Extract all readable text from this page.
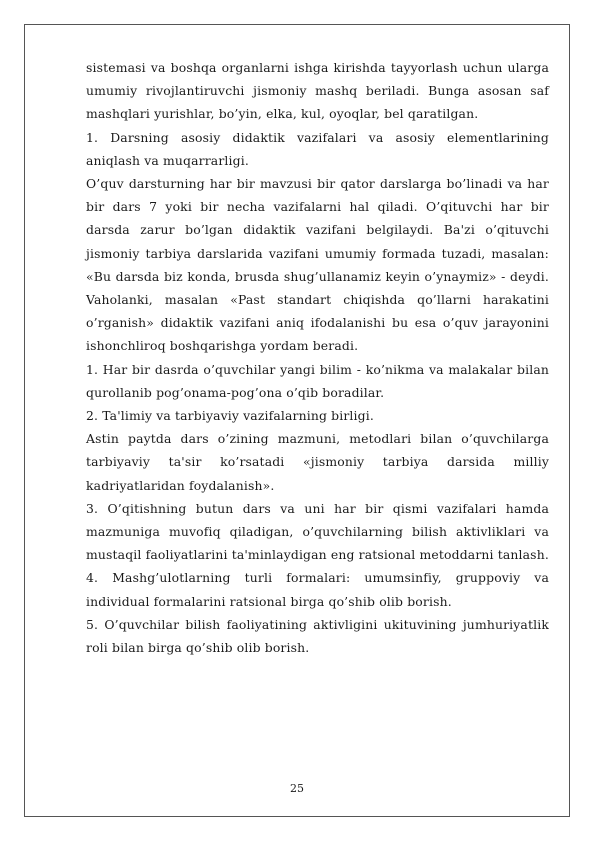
sistemasi va boshqa organlarni ishga kirishda tayyorlash uchun ularga umumiy rivojlantiruvchi jismoniy mashq beriladi. Bunga asosan saf mashqlari yurishlar, bo’yin, elka, kul, oyoqlar, bel qaratilgan.

1. Darsning asosiy didaktik vazifalari va asosiy elementlarining aniqlash va muqarrarligi.

O’quv darsturning har bir mavzusi bir qator darslarga bo’linadi va har bir dars 7 yoki bir necha vazifalarni hal qiladi. O’qituvchi har bir darsda zarur bo’lgan didaktik vazifani belgilaydi. Ba'zi o’qituvchi jismoniy tarbiya darslarida vazifani umumiy formada tuzadi, masalan: «Bu darsda biz konda, brusda shug’ullanamiz keyin o’ynaymiz» - deydi. Vaholanki, masalan «Past standart chiqishda qo’llarni harakatini o’rganish» didaktik vazifani aniq ifodalanishi bu esa o’quv jarayonini ishonchliroq boshqarishga yordam beradi.

1. Har bir dasrda o’quvchilar yangi bilim - ko’nikma va malakalar bilan qurollanib pog’onama-pog’ona o’qib boradilar.

2. Ta'limiy va tarbiyaviy vazifalarning birligi.

Astin paytda dars o’zining mazmuni, metodlari bilan o’quvchilarga tarbiyaviy ta'sir ko’rsatadi «jismoniy tarbiya darsida milliy kadriyatlaridan foydalanish».

3. O’qitishning butun dars va uni har bir qismi vazifalari hamda mazmuniga muvofiq qiladigan, o’quvchilarning bilish aktivliklari va mustaqil faoliyatlarini ta'minlaydigan eng ratsional metoddarni tanlash.

4. Mashg’ulotlarning turli formalari: umumsinfiy, gruppoviy va individual formalarini ratsional birga qo’shib olib borish.

5. O’quvchilar bilish faoliyatining aktivligini ukituvining jumhuriyatlik roli bilan birga qo’shib olib borish.

25
